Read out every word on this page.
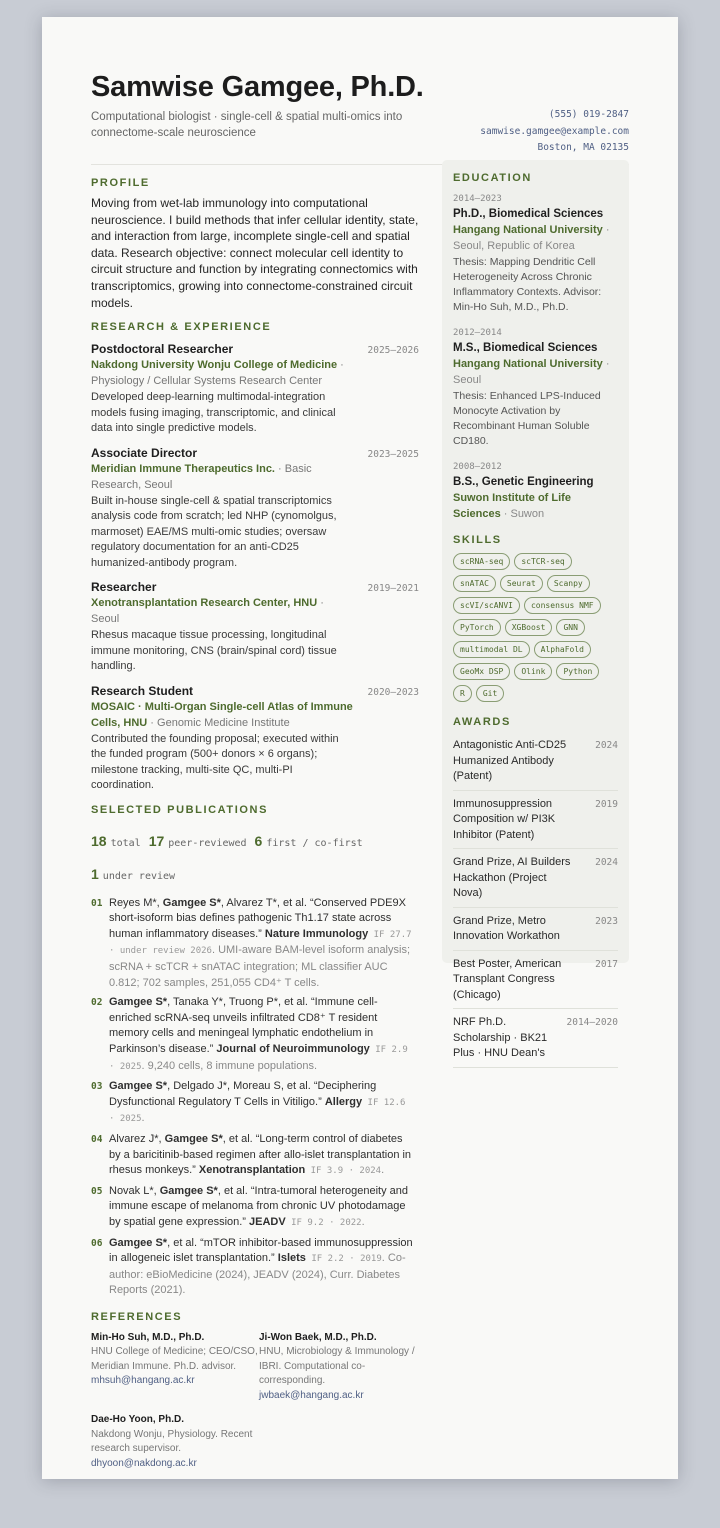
Samwise Gamgee, Ph.D.
Computational biologist · single-cell & spatial multi-omics into connectome-scale neuroscience
(555) 019-2847
samwise.gamgee@example.com
Boston, MA 02135
PROFILE
Moving from wet-lab immunology into computational neuroscience. I build methods that infer cellular identity, state, and interaction from large, incomplete single-cell and spatial data. Research objective: connect molecular cell identity to circuit structure and function by integrating connectomics with transcriptomics, growing into connectome-constrained circuit models.
RESEARCH & EXPERIENCE
Postdoctoral Researcher	2025–2026
Nakdong University Wonju College of Medicine · Physiology / Cellular Systems Research Center
Developed deep-learning multimodal-integration models fusing imaging, transcriptomic, and clinical data into single predictive models.
Associate Director	2023–2025
Meridian Immune Therapeutics Inc. · Basic Research, Seoul
Built in-house single-cell & spatial transcriptomics analysis code from scratch; led NHP (cynomolgus, marmoset) EAE/MS multi-omic studies; oversaw regulatory documentation for an anti-CD25 humanized-antibody program.
Researcher	2019–2021
Xenotransplantation Research Center, HNU · Seoul
Rhesus macaque tissue processing, longitudinal immune monitoring, CNS (brain/spinal cord) tissue handling.
Research Student	2020–2023
MOSAIC · Multi-Organ Single-cell Atlas of Immune Cells, HNU · Genomic Medicine Institute
Contributed the founding proposal; executed within the funded program (500+ donors × 6 organs); milestone tracking, multi-site QC, multi-PI coordination.
SELECTED PUBLICATIONS
18 total 17 peer-reviewed 6 first / co-first
1 under review
01 Reyes M*, Gamgee S*, Alvarez T*, et al. “Conserved PDE9X short-isoform bias defines pathogenic Th1.17 state across human inflammatory diseases.” Nature Immunology IF 27.7 · under review 2026. UMI-aware BAM-level isoform analysis; scRNA + scTCR + snATAC integration; ML classifier AUC 0.812; 702 samples, 251,055 CD4⁺ T cells.
02 Gamgee S*, Tanaka Y*, Truong P*, et al. “Immune cell-enriched scRNA-seq unveils infiltrated CD8⁺ T resident memory cells and meningeal lymphatic endothelium in Parkinson’s disease.” Journal of Neuroimmunology IF 2.9 · 2025. 9,240 cells, 8 immune populations.
03 Gamgee S*, Delgado J*, Moreau S, et al. “Deciphering Dysfunctional Regulatory T Cells in Vitiligo.” Allergy IF 12.6 · 2025.
04 Alvarez J*, Gamgee S*, et al. “Long-term control of diabetes by a baricitinib-based regimen after allo-islet transplantation in rhesus monkeys.” Xenotransplantation IF 3.9 · 2024.
05 Novak L*, Gamgee S*, et al. “Intra-tumoral heterogeneity and immune escape of melanoma from chronic UV photodamage by spatial gene expression.” JEADV IF 9.2 · 2022.
06 Gamgee S*, et al. “mTOR inhibitor-based immunosuppression in allogeneic islet transplantation.” Islets IF 2.2 · 2019. Co-author: eBioMedicine (2024), JEADV (2024), Curr. Diabetes Reports (2021).
REFERENCES
Min-Ho Suh, M.D., Ph.D.
HNU College of Medicine; CEO/CSO, Meridian Immune. Ph.D. advisor.
mhsuh@hangang.ac.kr
Ji-Won Baek, M.D., Ph.D.
HNU, Microbiology & Immunology / IBRI. Computational co-corresponding.
jwbaek@hangang.ac.kr
Dae-Ho Yoon, Ph.D.
Nakdong Wonju, Physiology. Recent research supervisor.
dhyoon@nakdong.ac.kr
EDUCATION
2014–2023
Ph.D., Biomedical Sciences
Hangang National University · Seoul, Republic of Korea
Thesis: Mapping Dendritic Cell Heterogeneity Across Chronic Inflammatory Contexts. Advisor: Min-Ho Suh, M.D., Ph.D.
2012–2014
M.S., Biomedical Sciences
Hangang National University · Seoul
Thesis: Enhanced LPS-Induced Monocyte Activation by Recombinant Human Soluble CD180.
2008–2012
B.S., Genetic Engineering
Suwon Institute of Life Sciences · Suwon
SKILLS
scRNA-seq	scTCR-seq
snATAC	Seurat	Scanpy
scVI/scANVI	consensus NMF
PyTorch	XGBoost	GNN
multimodal DL	AlphaFold
GeoMx DSP	Olink	Python
R	Git
AWARDS
Antagonistic Anti-CD25 Humanized Antibody (Patent)
2024
Immunosuppression Composition w/ PI3K Inhibitor (Patent)
2019
Grand Prize, AI Builders Hackathon (Project Nova)
2024
Grand Prize, Metro Innovation Workathon
2023
Best Poster, American Transplant Congress (Chicago)
2017
NRF Ph.D. Scholarship · BK21 Plus · HNU Dean's
2014–2020
